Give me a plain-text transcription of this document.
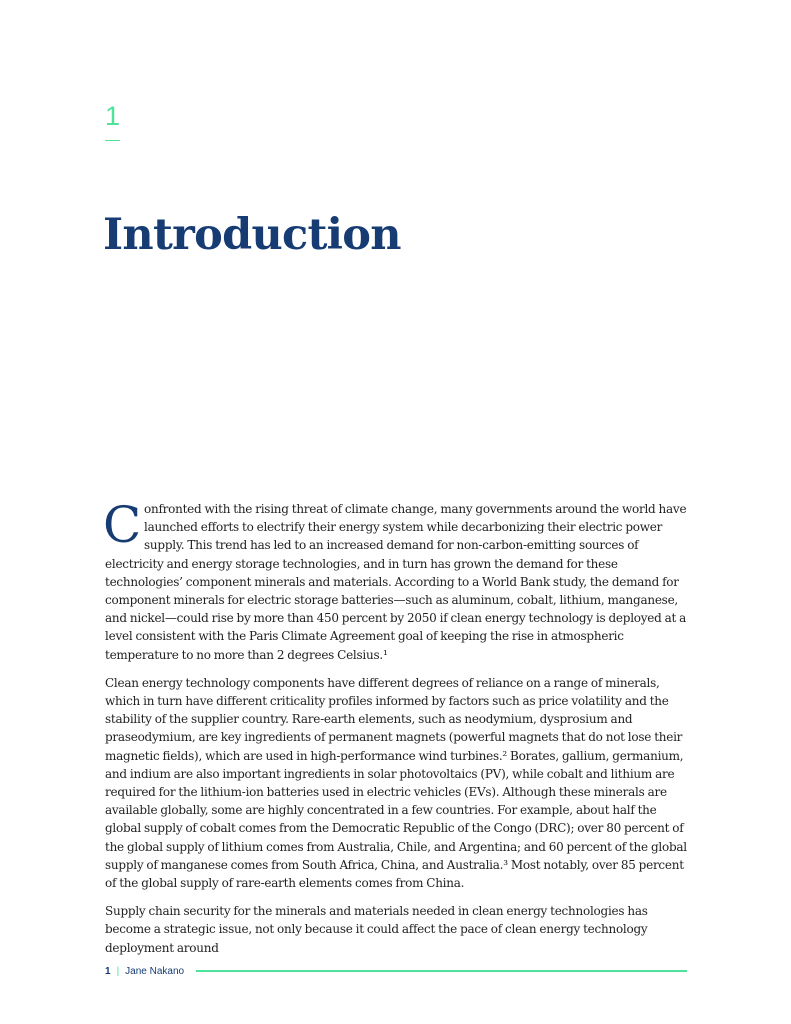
1
Introduction

Confronted with the rising threat of climate change, many governments around the world have launched efforts to electrify their energy system while decarbonizing their electric power supply. This trend has led to an increased demand for non-carbon-emitting sources of electricity and energy storage technologies, and in turn has grown the demand for these technologies’ component minerals and materials. According to a World Bank study, the demand for component minerals for electric storage batteries—such as aluminum, cobalt, lithium, manganese, and nickel—could rise by more than 450 percent by 2050 if clean energy technology is deployed at a level consistent with the Paris Climate Agreement goal of keeping the rise in atmospheric temperature to no more than 2 degrees Celsius.¹

Clean energy technology components have different degrees of reliance on a range of minerals, which in turn have different criticality profiles informed by factors such as price volatility and the stability of the supplier country. Rare-earth elements, such as neodymium, dysprosium and praseodymium, are key ingredients of permanent magnets (powerful magnets that do not lose their magnetic fields), which are used in high-performance wind turbines.² Borates, gallium, germanium, and indium are also important ingredients in solar photovoltaics (PV), while cobalt and lithium are required for the lithium-ion batteries used in electric vehicles (EVs). Although these minerals are available globally, some are highly concentrated in a few countries. For example, about half the global supply of cobalt comes from the Democratic Republic of the Congo (DRC); over 80 percent of the global supply of lithium comes from Australia, Chile, and Argentina; and 60 percent of the global supply of manganese comes from South Africa, China, and Australia.³ Most notably, over 85 percent of the global supply of rare-earth elements comes from China.

Supply chain security for the minerals and materials needed in clean energy technologies has become a strategic issue, not only because it could affect the pace of clean energy technology deployment around

1 | Jane Nakano
